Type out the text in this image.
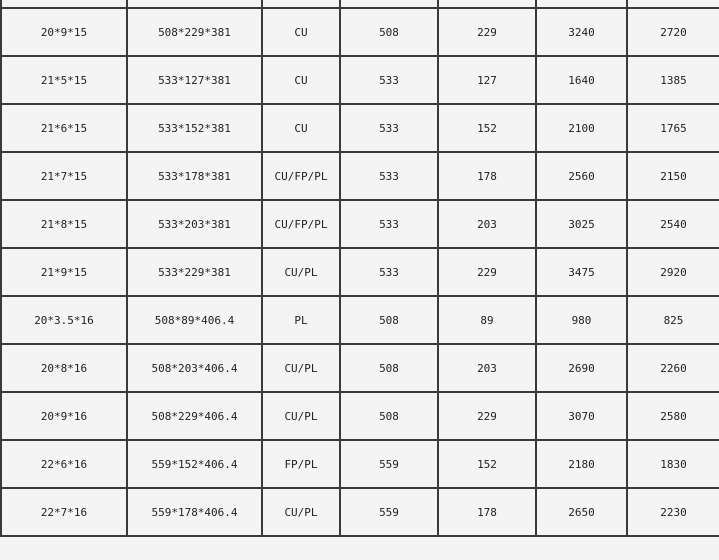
20*9*15	508*229*381	CU	508	229	3240	2720
21*5*15	533*127*381	CU	533	127	1640	1385
21*6*15	533*152*381	CU	533	152	2100	1765
21*7*15	533*178*381	CU/FP/PL	533	178	2560	2150
21*8*15	533*203*381	CU/FP/PL	533	203	3025	2540
21*9*15	533*229*381	CU/PL	533	229	3475	2920
20*3.5*16	508*89*406.4	PL	508	89	980	825
20*8*16	508*203*406.4	CU/PL	508	203	2690	2260
20*9*16	508*229*406.4	CU/PL	508	229	3070	2580
22*6*16	559*152*406.4	FP/PL	559	152	2180	1830
22*7*16	559*178*406.4	CU/PL	559	178	2650	2230
